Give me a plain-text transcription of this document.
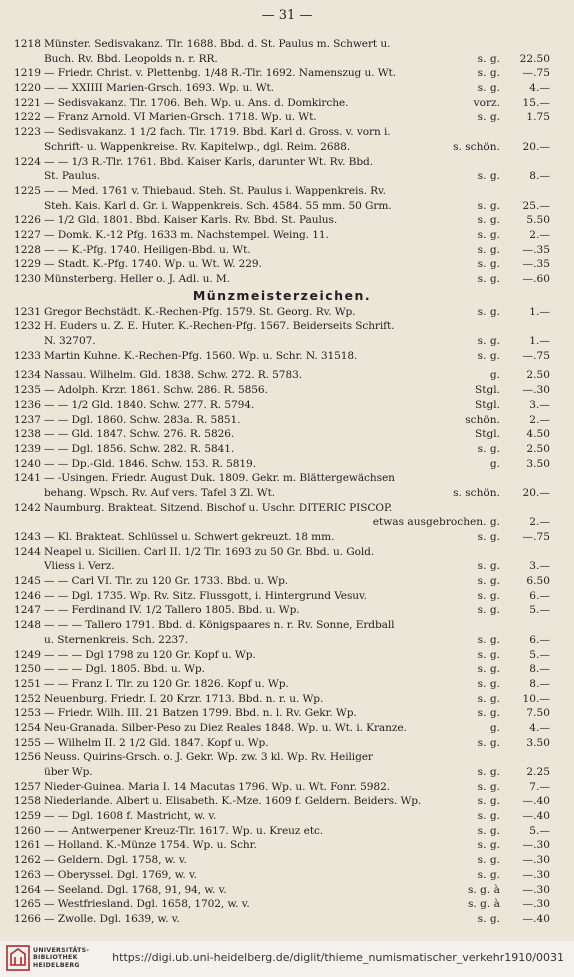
— 31 —
1218 Münster. Sedisvakanz. Tlr. 1688. Bbd. d. St. Paulus m. Schwert u.
Buch. Rv. Bbd. Leopolds n. r. RR.	s. g.	22.50
1219 — Friedr. Christ. v. Plettenbg. 1/48 R.-Tlr. 1692. Namenszug u. Wt.	s. g.	—.75
1220 — — XXIIII Marien-Grsch. 1693. Wp. u. Wt.	s. g.	4.—
1221 — Sedisvakanz. Tlr. 1706. Beh. Wp. u. Ans. d. Domkirche.	vorz.	15.—
1222 — Franz Arnold. VI Marien-Grsch. 1718. Wp. u. Wt.	s. g.	1.75
1223 — Sedisvakanz. 1 1/2 fach. Tlr. 1719. Bbd. Karl d. Gross. v. vorn i.
Schrift- u. Wappenkreise. Rv. Kapitelwp., dgl. Reim. 2688.	s. schön.	20.—
1224 — — 1/3 R.-Tlr. 1761. Bbd. Kaiser Karls, darunter Wt. Rv. Bbd.
St. Paulus.	s. g.	8.—
1225 — — Med. 1761 v. Thiebaud. Steh. St. Paulus i. Wappenkreis. Rv.
Steh. Kais. Karl d. Gr. i. Wappenkreis. Sch. 4584. 55 mm. 50 Grm.	s. g.	25.—
1226 — 1/2 Gld. 1801. Bbd. Kaiser Karls. Rv. Bbd. St. Paulus.	s. g.	5.50
1227 — Domk. K.-12 Pfg. 1633 m. Nachstempel. Weing. 11.	s. g.	2.—
1228 — — K.-Pfg. 1740. Heiligen-Bbd. u. Wt.	s. g.	—.35
1229 — Stadt. K.-Pfg. 1740. Wp. u. Wt. W. 229.	s. g.	—.35
1230 Münsterberg. Heller o. J. Adl. u. M.	s. g.	—.60
Münzmeisterzeichen.
1231 Gregor Bechstädt. K.-Rechen-Pfg. 1579. St. Georg. Rv. Wp.	s. g.	1.—
1232 H. Euders u. Z. E. Huter. K.-Rechen-Pfg. 1567. Beiderseits Schrift.
N. 32707.	s. g.	1.—
1233 Martin Kuhne. K.-Rechen-Pfg. 1560. Wp. u. Schr. N. 31518.	s. g.	—.75
1234 Nassau. Wilhelm. Gld. 1838. Schw. 272. R. 5783.	g.	2.50
1235 — Adolph. Krzr. 1861. Schw. 286. R. 5856.	Stgl.	—.30
1236 — — 1/2 Gld. 1840. Schw. 277. R. 5794.	Stgl.	3.—
1237 — — Dgl. 1860. Schw. 283a. R. 5851.	schön.	2.—
1238 — — Gld. 1847. Schw. 276. R. 5826.	Stgl.	4.50
1239 — — Dgl. 1856. Schw. 282. R. 5841.	s. g.	2.50
1240 — — Dp.-Gld. 1846. Schw. 153. R. 5819.	g.	3.50
1241 — -Usingen. Friedr. August Duk. 1809. Gekr. m. Blättergewächsen
behang. Wpsch. Rv. Auf vers. Tafel 3 Zl. Wt.	s. schön.	20.—
1242 Naumburg. Brakteat. Sitzend. Bischof u. Uschr. DITERIC PISCOP.
etwas ausgebrochen. g.	2.—
1243 — Kl. Brakteat. Schlüssel u. Schwert gekreuzt. 18 mm.	s. g.	—.75
1244 Neapel u. Sicilien. Carl II. 1/2 Tlr. 1693 zu 50 Gr. Bbd. u. Gold.
Vliess i. Verz.	s. g.	3.—
1245 — — Carl VI. Tlr. zu 120 Gr. 1733. Bbd. u. Wp.	s. g.	6.50
1246 — — Dgl. 1735. Wp. Rv. Sitz. Flussgott, i. Hintergrund Vesuv.	s. g.	6.—
1247 — — Ferdinand IV. 1/2 Tallero 1805. Bbd. u. Wp.	s. g.	5.—
1248 — — — Tallero 1791. Bbd. d. Königspaares n. r. Rv. Sonne, Erdball
u. Sternenkreis. Sch. 2237.	s. g.	6.—
1249 — — — Dgl 1798 zu 120 Gr. Kopf u. Wp.	s. g.	5.—
1250 — — — Dgl. 1805. Bbd. u. Wp.	s. g.	8.—
1251 — — Franz I. Tlr. zu 120 Gr. 1826. Kopf u. Wp.	s. g.	8.—
1252 Neuenburg. Friedr. I. 20 Krzr. 1713. Bbd. n. r. u. Wp.	s. g.	10.—
1253 — Friedr. Wilh. III. 21 Batzen 1799. Bbd. n. l. Rv. Gekr. Wp.	s. g.	7.50
1254 Neu-Granada. Silber-Peso zu Diez Reales 1848. Wp. u. Wt. i. Kranze.	g.	4.—
1255 — Wilhelm II. 2 1/2 Gld. 1847. Kopf u. Wp.	s. g.	3.50
1256 Neuss. Quirins-Grsch. o. J. Gekr. Wp. zw. 3 kl. Wp. Rv. Heiliger
über Wp.	s. g.	2.25
1257 Nieder-Guinea. Maria I. 14 Macutas 1796. Wp. u. Wt. Fonr. 5982.	s. g.	7.—
1258 Niederlande. Albert u. Elisabeth. K.-Mze. 1609 f. Geldern. Beiders. Wp.	s. g.	—.40
1259 — — Dgl. 1608 f. Mastricht, w. v.	s. g.	—.40
1260 — — Antwerpener Kreuz-Tlr. 1617. Wp. u. Kreuz etc.	s. g.	5.—
1261 — Holland. K.-Münze 1754. Wp. u. Schr.	s. g.	—.30
1262 — Geldern. Dgl. 1758, w. v.	s. g.	—.30
1263 — Oberyssel. Dgl. 1769, w. v.	s. g.	—.30
1264 — Seeland. Dgl. 1768, 91, 94, w. v.	s. g. à	—.30
1265 — Westfriesland. Dgl. 1658, 1702, w. v.	s. g. à	—.30
1266 — Zwolle. Dgl. 1639, w. v.	s. g.	—.40
UNIVERSITÄTS-
BIBLIOTHEK
HEIDELBERG
https://digi.ub.uni-heidelberg.de/diglit/thieme_numismatischer_verkehr1910/0031
